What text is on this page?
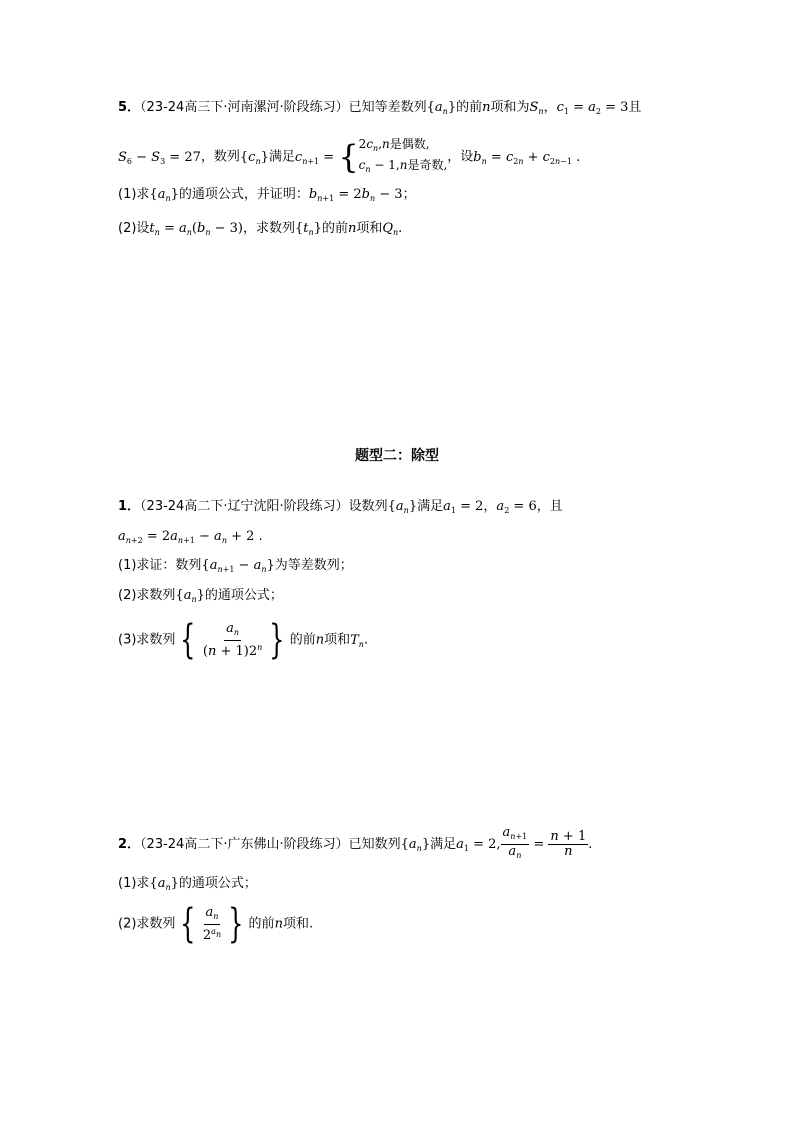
5．（23-24高三下·河南漯河·阶段练习）已知等差数列$\{a_n\}$的前n项和为$S_n$，$c_1 = a_2 = 3$且
$S_6 - S_3 = 27$，数列$\{c_n\}$满足$c_{n+1}$ = { $2c_n,n$是偶数,
$c_n - 1,n$是奇数,
，设$b_n = c_{2n} + c_{2n-1}$ .
(1)求$\{a_n\}$的通项公式，并证明：$b_{n+1} = 2b_n - 3$；
(2)设$t_n = a_n(b_n - 3)$，求数列$\{t_n\}$的前n项和$Q_n$.
题型二：除型
1．（23-24高二下·辽宁沈阳·阶段练习）设数列$\{a_n\}$满足$a_1 = 2$，$a_2 = 6$，且
$a_{n+2} = 2a_{n+1} - a_n + 2$ .
(1)求证：数列$\{a_{n+1} - a_n\}$为等差数列；
(2)求数列$\{a_n\}$的通项公式；
(3)求数列 { $\frac{a_n}{(n + 1)2^n}$ } 的前n项和$T_n$.
2．（23-24高二下·广东佛山·阶段练习）已知数列$\{a_n\}$满足$a_1 = 2$, $\frac{a_{n+1}}{a_n} = \frac{n + 1}{n}$ .
(1)求$\{a_n\}$的通项公式；
(2)求数列 { $\frac{a_n}{2^{a_n}}$ } 的前n项和.
